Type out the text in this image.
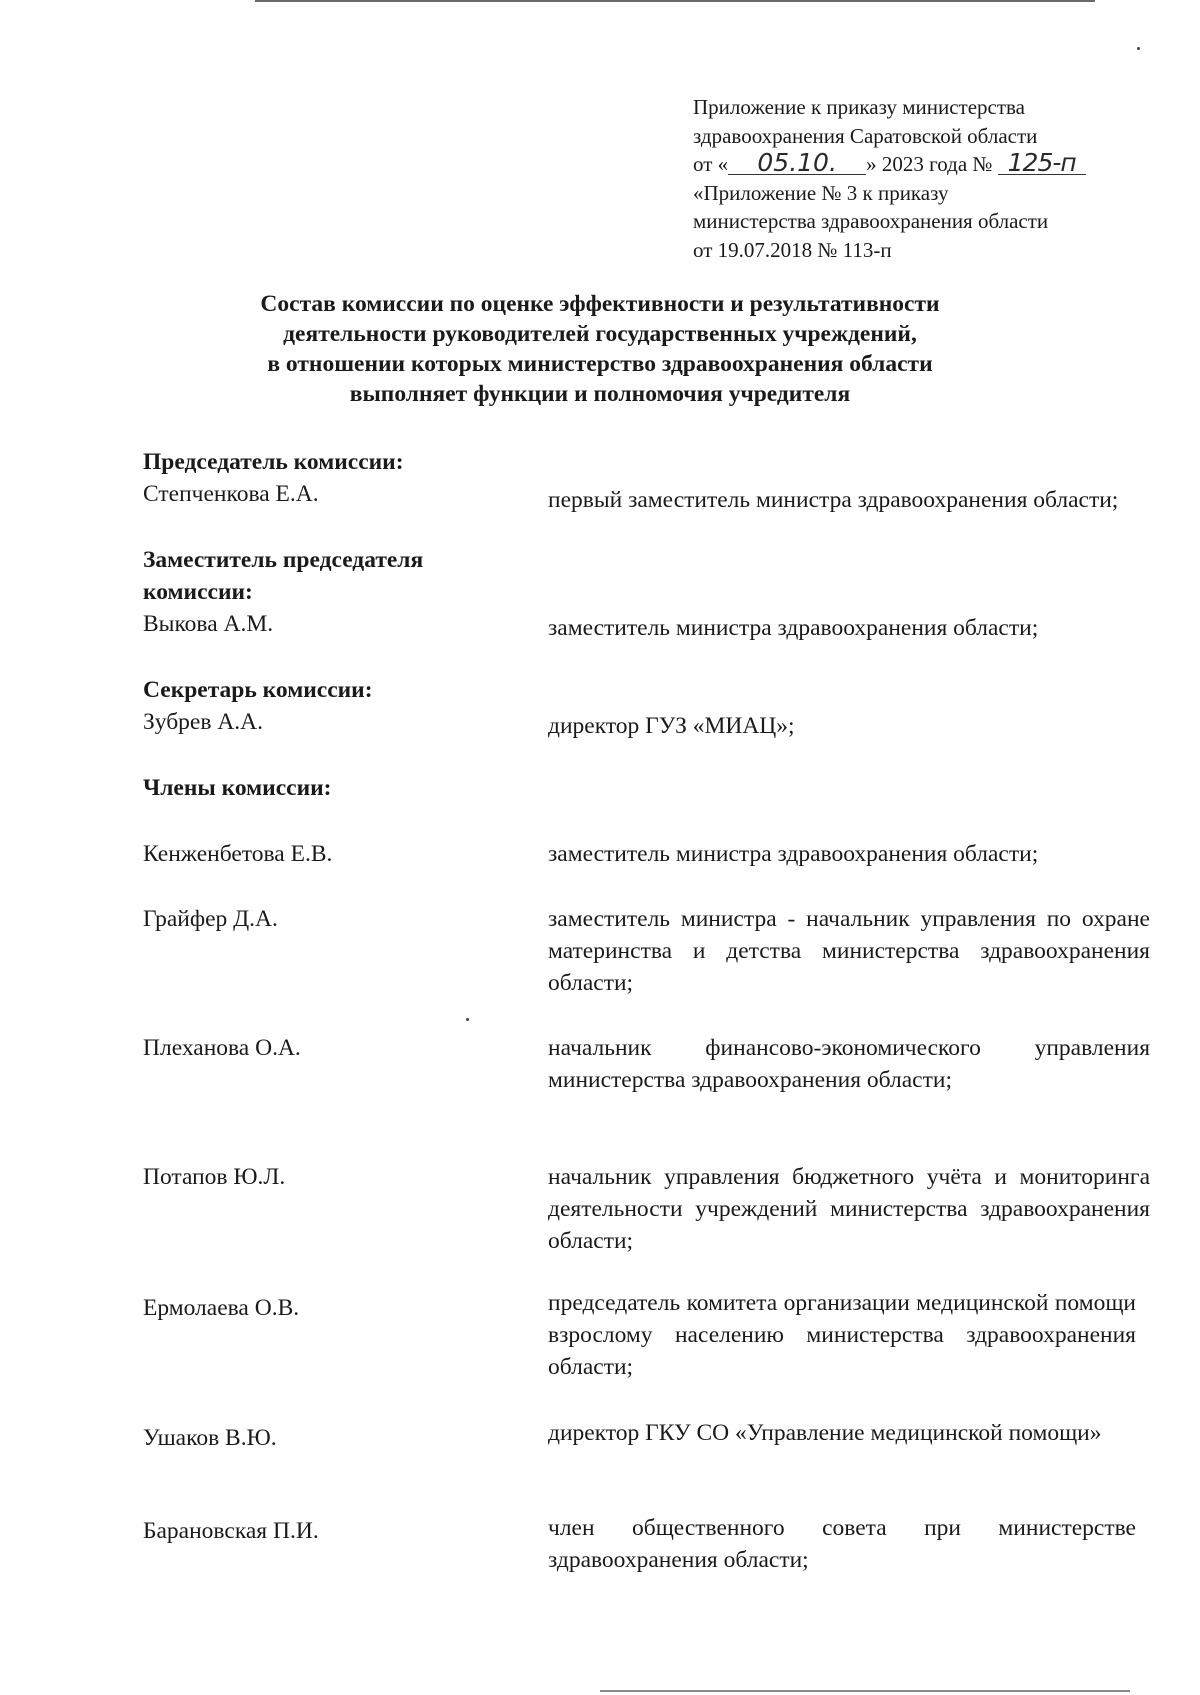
Приложение к приказу министерства
здравоохранения Саратовской области
от « 05.10. » 2023 года № 125-п
«Приложение № 3 к приказу
министерства здравоохранения области
от 19.07.2018 № 113-п
Состав комиссии по оценке эффективности и результативности
деятельности руководителей государственных учреждений,
в отношении которых министерство здравоохранения области
выполняет функции и полномочия учредителя
Председатель комиссии:
Степченкова Е.А.	первый заместитель министра здравоохранения области;
Заместитель председателя
комиссии:
Выкова А.М.	заместитель министра здравоохранения области;
Секретарь комиссии:
Зубрев А.А.	директор ГУЗ «МИАЦ»;
Члены комиссии:
Кенженбетова Е.В.	заместитель министра здравоохранения области;
Грайфер Д.А.	заместитель министра - начальник управления по охране материнства и детства министерства здравоохранения области;
Плеханова О.А.	начальник финансово-экономического управления министерства здравоохранения области;
Потапов Ю.Л.	начальник управления бюджетного учёта и мониторинга деятельности учреждений министерства здравоохранения области;
Ермолаева О.В.	председатель комитета организации медицинской помощи взрослому населению министерства здравоохранения области;
Ушаков В.Ю.	директор ГКУ СО «Управление медицинской помощи»
Барановская П.И.	член общественного совета при министерстве здравоохранения области;
